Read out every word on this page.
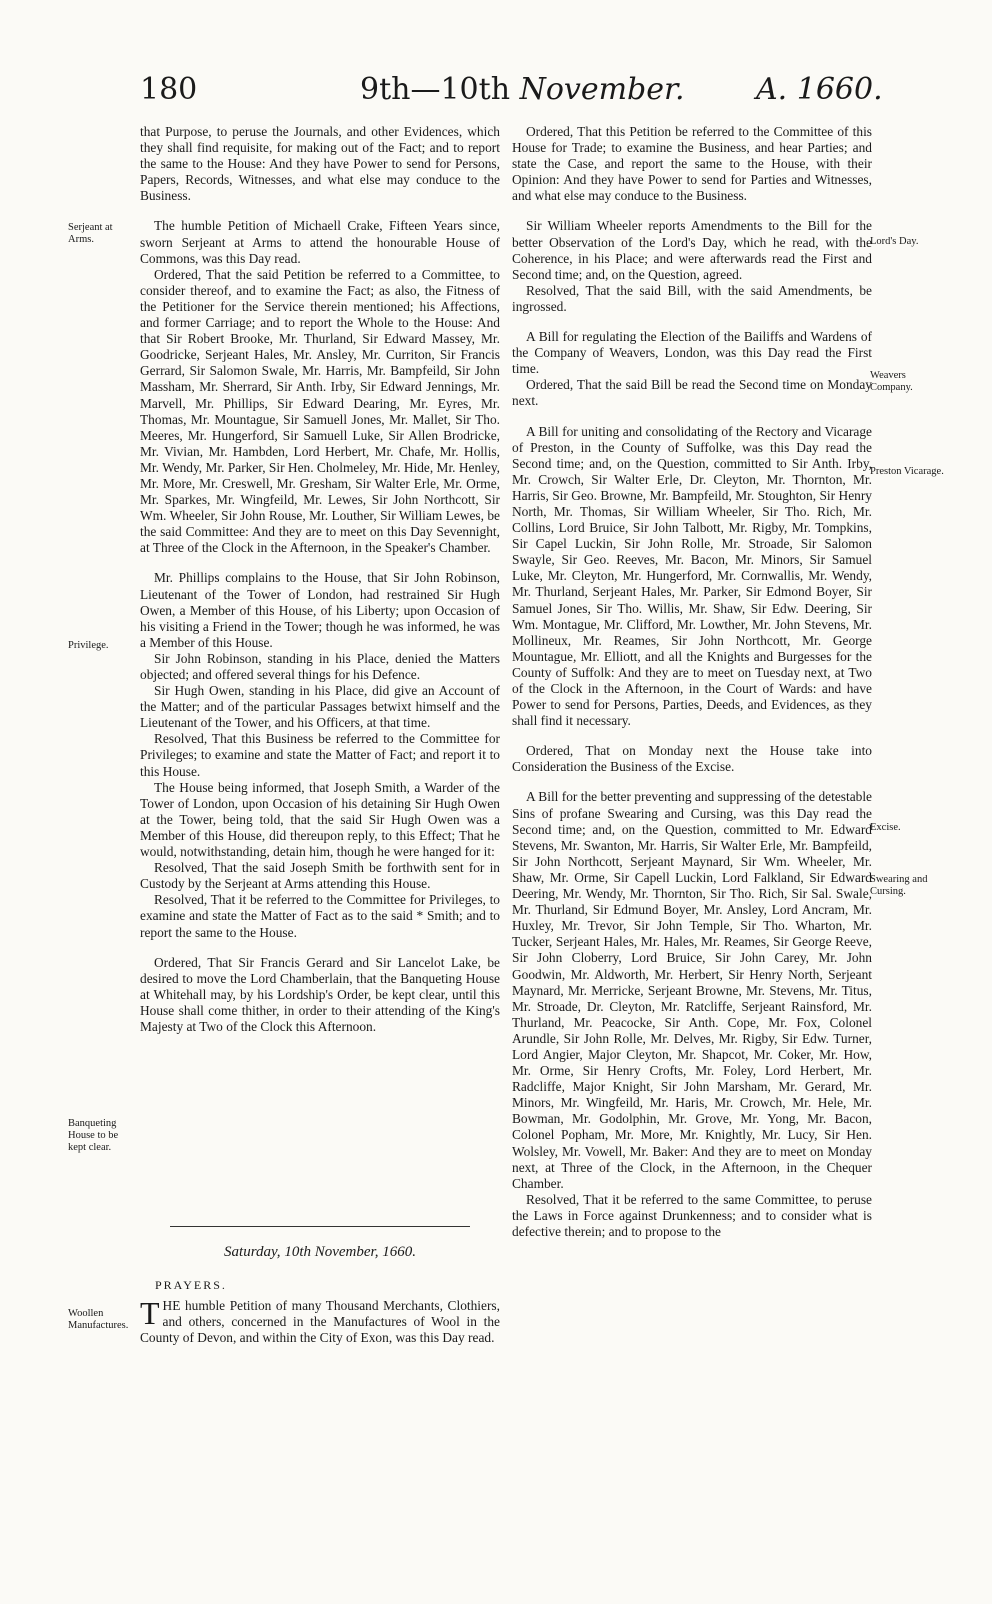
180	9th—10th November. A. 1660.
Serjeant at Arms.
Privilege.
Banqueting House to be kept clear.
Woollen Manufactures.
Lord's Day.
Weavers Company.
Preston Vicarage.
Excise.
Swearing and Cursing.

that Purpose, to peruse the Journals, and other Evidences, which they shall find requisite, for making out of the Fact; and to report the same to the House: And they have Power to send for Persons, Papers, Records, Witnesses, and what else may conduce to the Business.

The humble Petition of Michaell Crake, Fifteen Years since, sworn Serjeant at Arms to attend the honourable House of Commons, was this Day read.

Ordered, That the said Petition be referred to a Committee, to consider thereof, and to examine the Fact; as also, the Fitness of the Petitioner for the Service therein mentioned; his Affections, and former Carriage; and to report the Whole to the House: And that Sir Robert Brooke, Mr. Thurland, Sir Edward Massey, Mr. Goodricke, Serjeant Hales, Mr. Ansley, Mr. Curriton, Sir Francis Gerrard, Sir Salomon Swale, Mr. Harris, Mr. Bampfeild, Sir John Massham, Mr. Sherrard, Sir Anth. Irby, Sir Edward Jennings, Mr. Marvell, Mr. Phillips, Sir Edward Dearing, Mr. Eyres, Mr. Thomas, Mr. Mountague, Sir Samuell Jones, Mr. Mallet, Sir Tho. Meeres, Mr. Hungerford, Sir Samuell Luke, Sir Allen Brodricke, Mr. Vivian, Mr. Hambden, Lord Herbert, Mr. Chafe, Mr. Hollis, Mr. Wendy, Mr. Parker, Sir Hen. Cholmeley, Mr. Hide, Mr. Henley, Mr. More, Mr. Creswell, Mr. Gresham, Sir Walter Erle, Mr. Orme, Mr. Sparkes, Mr. Wingfeild, Mr. Lewes, Sir John Northcott, Sir Wm. Wheeler, Sir John Rouse, Mr. Louther, Sir William Lewes, be the said Committee: And they are to meet on this Day Sevennight, at Three of the Clock in the Afternoon, in the Speaker's Chamber.

Mr. Phillips complains to the House, that Sir John Robinson, Lieutenant of the Tower of London, had restrained Sir Hugh Owen, a Member of this House, of his Liberty; upon Occasion of his visiting a Friend in the Tower; though he was informed, he was a Member of this House.

Sir John Robinson, standing in his Place, denied the Matters objected; and offered several things for his Defence.

Sir Hugh Owen, standing in his Place, did give an Account of the Matter; and of the particular Passages betwixt himself and the Lieutenant of the Tower, and his Officers, at that time.

Resolved, That this Business be referred to the Committee for Privileges; to examine and state the Matter of Fact; and report it to this House.

The House being informed, that Joseph Smith, a Warder of the Tower of London, upon Occasion of his detaining Sir Hugh Owen at the Tower, being told, that the said Sir Hugh Owen was a Member of this House, did thereupon reply, to this Effect; That he would, notwithstanding, detain him, though he were hanged for it:

Resolved, That the said Joseph Smith be forthwith sent for in Custody by the Serjeant at Arms attending this House.

Resolved, That it be referred to the Committee for Privileges, to examine and state the Matter of Fact as to the said * Smith; and to report the same to the House.

Ordered, That Sir Francis Gerard and Sir Lancelot Lake, be desired to move the Lord Chamberlain, that the Banqueting House at Whitehall may, by his Lordship's Order, be kept clear, until this House shall come thither, in order to their attending of the King's Majesty at Two of the Clock this Afternoon.

Saturday, 10th November, 1660.
PRAYERS.
T HE humble Petition of many Thousand Merchants, Clothiers, and others, concerned in the Manufactures of Wool in the County of Devon, and within the City of Exon, was this Day read.

Ordered, That this Petition be referred to the Committee of this House for Trade; to examine the Business, and hear Parties; and state the Case, and report the same to the House, with their Opinion: And they have Power to send for Parties and Witnesses, and what else may conduce to the Business.

Sir William Wheeler reports Amendments to the Bill for the better Observation of the Lord's Day, which he read, with the Coherence, in his Place; and were afterwards read the First and Second time; and, on the Question, agreed.

Resolved, That the said Bill, with the said Amendments, be ingrossed.

A Bill for regulating the Election of the Bailiffs and Wardens of the Company of Weavers, London, was this Day read the First time.

Ordered, That the said Bill be read the Second time on Monday next.

A Bill for uniting and consolidating of the Rectory and Vicarage of Preston, in the County of Suffolke, was this Day read the Second time; and, on the Question, committed to Sir Anth. Irby, Mr. Crowch, Sir Walter Erle, Dr. Cleyton, Mr. Thornton, Mr. Harris, Sir Geo. Browne, Mr. Bampfeild, Mr. Stoughton, Sir Henry North, Mr. Thomas, Sir William Wheeler, Sir Tho. Rich, Mr. Collins, Lord Bruice, Sir John Talbott, Mr. Rigby, Mr. Tompkins, Sir Capel Luckin, Sir John Rolle, Mr. Stroade, Sir Salomon Swayle, Sir Geo. Reeves, Mr. Bacon, Mr. Minors, Sir Samuel Luke, Mr. Cleyton, Mr. Hungerford, Mr. Cornwallis, Mr. Wendy, Mr. Thurland, Serjeant Hales, Mr. Parker, Sir Edmond Boyer, Sir Samuel Jones, Sir Tho. Willis, Mr. Shaw, Sir Edw. Deering, Sir Wm. Montague, Mr. Clifford, Mr. Lowther, Mr. John Stevens, Mr. Mollineux, Mr. Reames, Sir John Northcott, Mr. George Mountague, Mr. Elliott, and all the Knights and Burgesses for the County of Suffolk: And they are to meet on Tuesday next, at Two of the Clock in the Afternoon, in the Court of Wards: and have Power to send for Persons, Parties, Deeds, and Evidences, as they shall find it necessary.

Ordered, That on Monday next the House take into Consideration the Business of the Excise.

A Bill for the better preventing and suppressing of the detestable Sins of profane Swearing and Cursing, was this Day read the Second time; and, on the Question, committed to Mr. Edward Stevens, Mr. Swanton, Mr. Harris, Sir Walter Erle, Mr. Bampfeild, Sir John Northcott, Serjeant Maynard, Sir Wm. Wheeler, Mr. Shaw, Mr. Orme, Sir Capell Luckin, Lord Falkland, Sir Edward Deering, Mr. Wendy, Mr. Thornton, Sir Tho. Rich, Sir Sal. Swale, Mr. Thurland, Sir Edmund Boyer, Mr. Ansley, Lord Ancram, Mr. Huxley, Mr. Trevor, Sir John Temple, Sir Tho. Wharton, Mr. Tucker, Serjeant Hales, Mr. Hales, Mr. Reames, Sir George Reeve, Sir John Cloberry, Lord Bruice, Sir John Carey, Mr. John Goodwin, Mr. Aldworth, Mr. Herbert, Sir Henry North, Serjeant Maynard, Mr. Merricke, Serjeant Browne, Mr. Stevens, Mr. Titus, Mr. Stroade, Dr. Cleyton, Mr. Ratcliffe, Serjeant Rainsford, Mr. Thurland, Mr. Peacocke, Sir Anth. Cope, Mr. Fox, Colonel Arundle, Sir John Rolle, Mr. Delves, Mr. Rigby, Sir Edw. Turner, Lord Angier, Major Cleyton, Mr. Shapcot, Mr. Coker, Mr. How, Mr. Orme, Sir Henry Crofts, Mr. Foley, Lord Herbert, Mr. Radcliffe, Major Knight, Sir John Marsham, Mr. Gerard, Mr. Minors, Mr. Wingfeild, Mr. Haris, Mr. Crowch, Mr. Hele, Mr. Bowman, Mr. Godolphin, Mr. Grove, Mr. Yong, Mr. Bacon, Colonel Popham, Mr. More, Mr. Knightly, Mr. Lucy, Sir Hen. Wolsley, Mr. Vowell, Mr. Baker: And they are to meet on Monday next, at Three of the Clock, in the Afternoon, in the Chequer Chamber.

Resolved, That it be referred to the same Committee, to peruse the Laws in Force against Drunkenness; and to consider what is defective therein; and to propose to the
